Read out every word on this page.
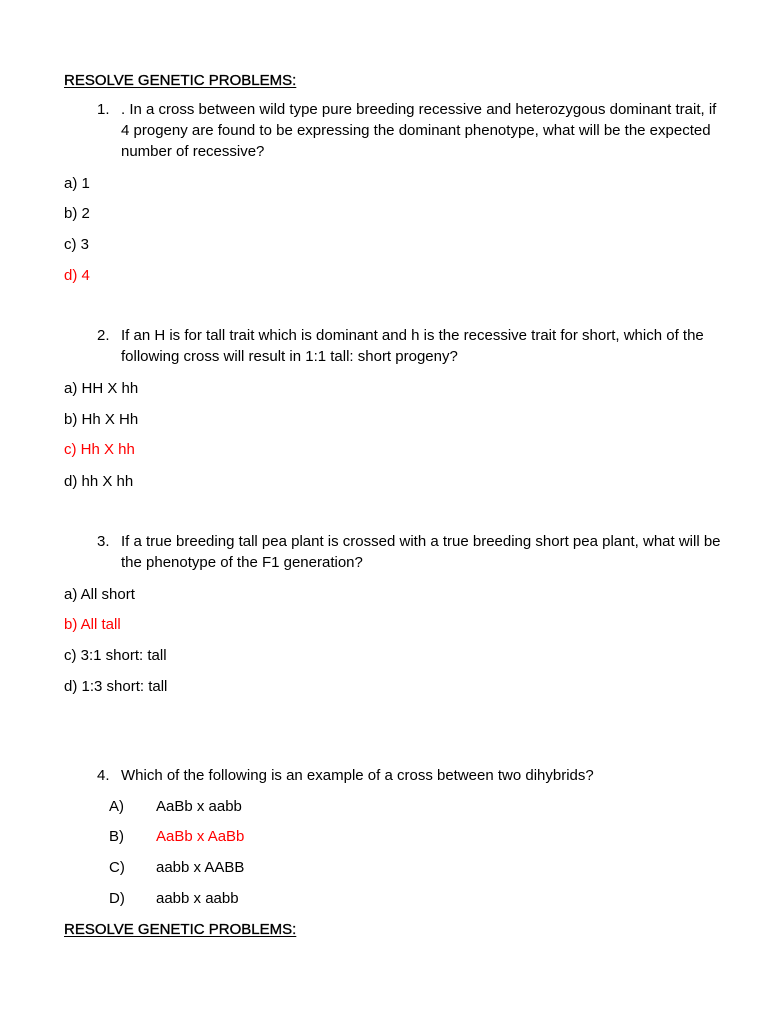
RESOLVE GENETIC PROBLEMS:
1. . In a cross between wild type pure breeding recessive and heterozygous dominant trait, if 4 progeny are found to be expressing the dominant phenotype, what will be the expected number of recessive?
a) 1
b) 2
c) 3
d) 4
2. If an H is for tall trait which is dominant and h is the recessive trait for short, which of the following cross will result in 1:1 tall: short progeny?
a) HH X hh
b) Hh X Hh
c) Hh X hh
d) hh X hh
3. If a true breeding tall pea plant is crossed with a true breeding short pea plant, what will be the phenotype of the F1 generation?
a) All short
b) All tall
c) 3:1 short: tall
d) 1:3 short: tall
4. Which of the following is an example of a cross between two dihybrids?
A) AaBb x aabb
B) AaBb x AaBb
C) aabb x AABB
D) aabb x aabb
RESOLVE GENETIC PROBLEMS:
